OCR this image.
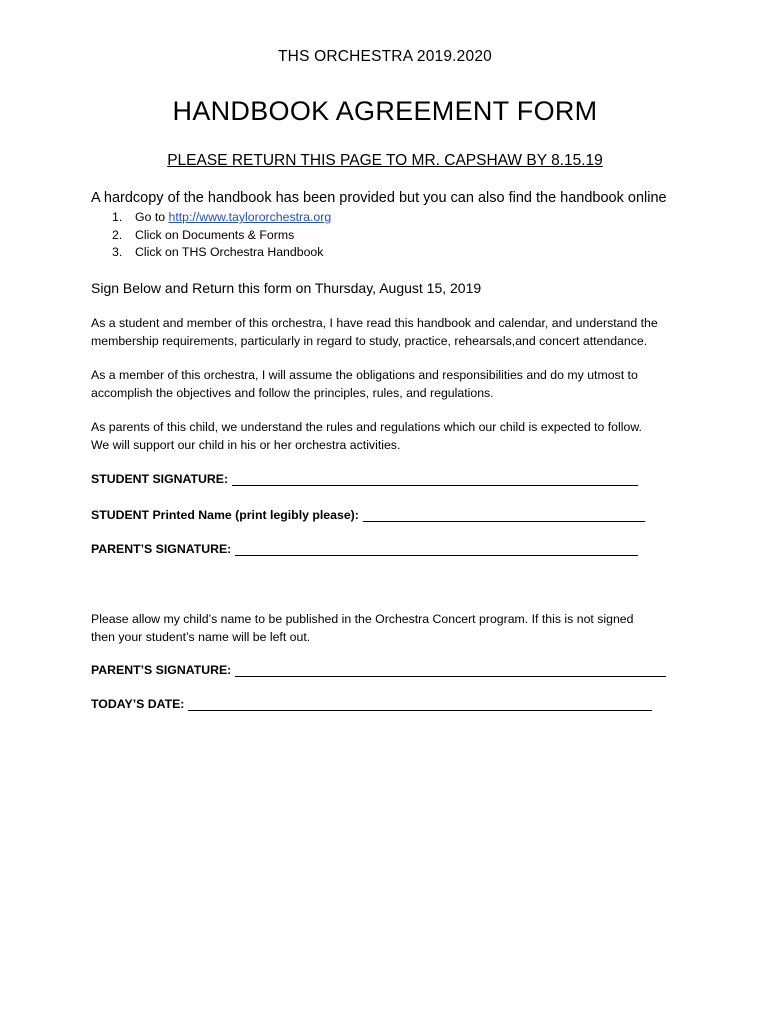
THS ORCHESTRA 2019.2020
HANDBOOK AGREEMENT FORM
PLEASE RETURN THIS PAGE TO MR. CAPSHAW BY 8.15.19
A hardcopy of the handbook has been provided but you can also find the handbook online
1. Go to http://www.taylororchestra.org
2. Click on Documents & Forms
3. Click on THS Orchestra Handbook
Sign Below and Return this form on Thursday, August 15, 2019

As a student and member of this orchestra, I have read this handbook and calendar, and understand the
membership requirements, particularly in regard to study, practice, rehearsals,and concert attendance.

As a member of this orchestra, I will assume the obligations and responsibilities and do my utmost to
accomplish the objectives and follow the principles, rules, and regulations.

As parents of this child, we understand the rules and regulations which our child is expected to follow.
We will support our child in his or her orchestra activities.

STUDENT SIGNATURE:
STUDENT Printed Name (print legibly please):
PARENT’S SIGNATURE:

Please allow my child’s name to be published in the Orchestra Concert program. If this is not signed
then your student’s name will be left out.

PARENT’S SIGNATURE:
TODAY’S DATE:
